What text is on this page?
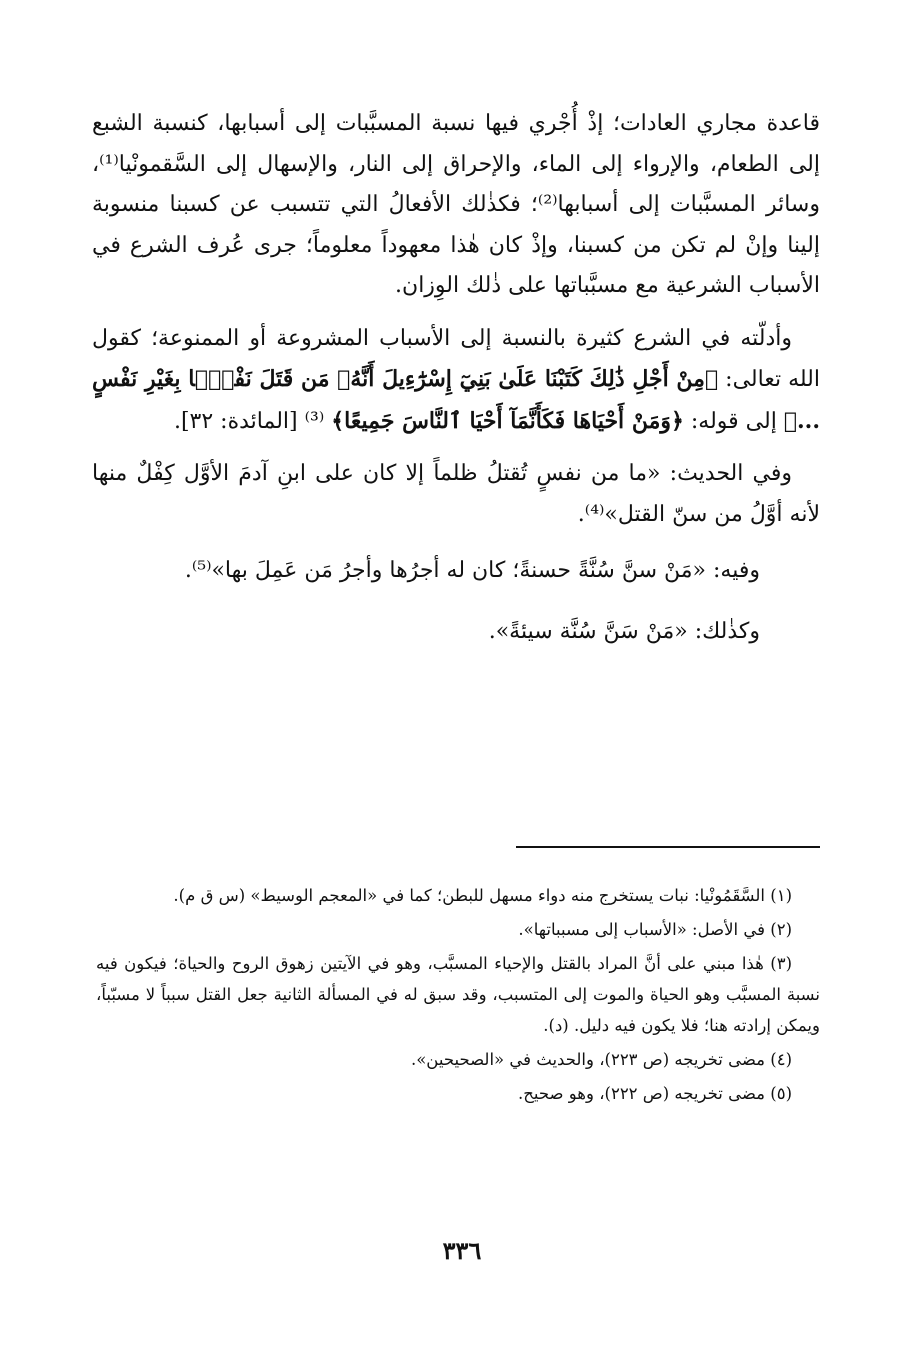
قاعدة مجاري العادات؛ إذْ أُجْري فيها نسبة المسبَّبات إلى أسبابها، كنسبة الشبع إلى الطعام، والإرواء إلى الماء، والإحراق إلى النار، والإسهال إلى السَّقمونْيا⁽¹⁾، وسائر المسبَّبات إلى أسبابها⁽²⁾؛ فكذٰلك الأفعالُ التي تتسبب عن كسبنا منسوبة إلينا وإنْ لم تكن من كسبنا، وإذْ كان هٰذا معهوداً معلوماً؛ جرى عُرف الشرع في الأسباب الشرعية مع مسبَّباتها على ذٰلك الوِزان.

وأدلّته في الشرع كثيرة بالنسبة إلى الأسباب المشروعة أو الممنوعة؛ كقول الله تعالى: ﴿مِنْ أَجْلِ ذَٰلِكَ كَتَبْنَا عَلَىٰ بَنِيٓ إِسْرَٰٓءِيلَ أَنَّهُۥ مَن قَتَلَ نَفْسًۢا بِغَيْرِ نَفْسٍ ...﴾ إلى قوله: ﴿وَمَنْ أَحْيَاهَا فَكَأَنَّمَآ أَحْيَا ٱلنَّاسَ جَمِيعًا﴾ ⁽³⁾ [المائدة: ٣٢].

وفي الحديث: «ما من نفسٍ تُقتلُ ظلماً إلا كان على ابنِ آدمَ الأوَّل كِفْلٌ منها لأنه أوَّلُ من سنّ القتل»⁽⁴⁾.

وفيه: «مَنْ سنَّ سُنَّةً حسنةً؛ كان له أجرُها وأجرُ مَن عَمِلَ بها»⁽⁵⁾.

وكذٰلك: «مَنْ سَنَّ سُنَّة سيئةً».

(١) السَّقَمُونْيا: نبات يستخرج منه دواء مسهل للبطن؛ كما في «المعجم الوسيط» (س ق م).

(٢) في الأصل: «الأسباب إلى مسبباتها».

(٣) هٰذا مبني على أنَّ المراد بالقتل والإحياء المسبَّب، وهو في الآيتين زهوق الروح والحياة؛ فيكون فيه نسبة المسبَّب وهو الحياة والموت إلى المتسبب، وقد سبق له في المسألة الثانية جعل القتل سبباً لا مسبّباً، ويمكن إرادته هنا؛ فلا يكون فيه دليل. (د).

(٤) مضى تخريجه (ص ٢٢٣)، والحديث في «الصحيحين».

(٥) مضى تخريجه (ص ٢٢٢)، وهو صحيح.

٣٣٦
